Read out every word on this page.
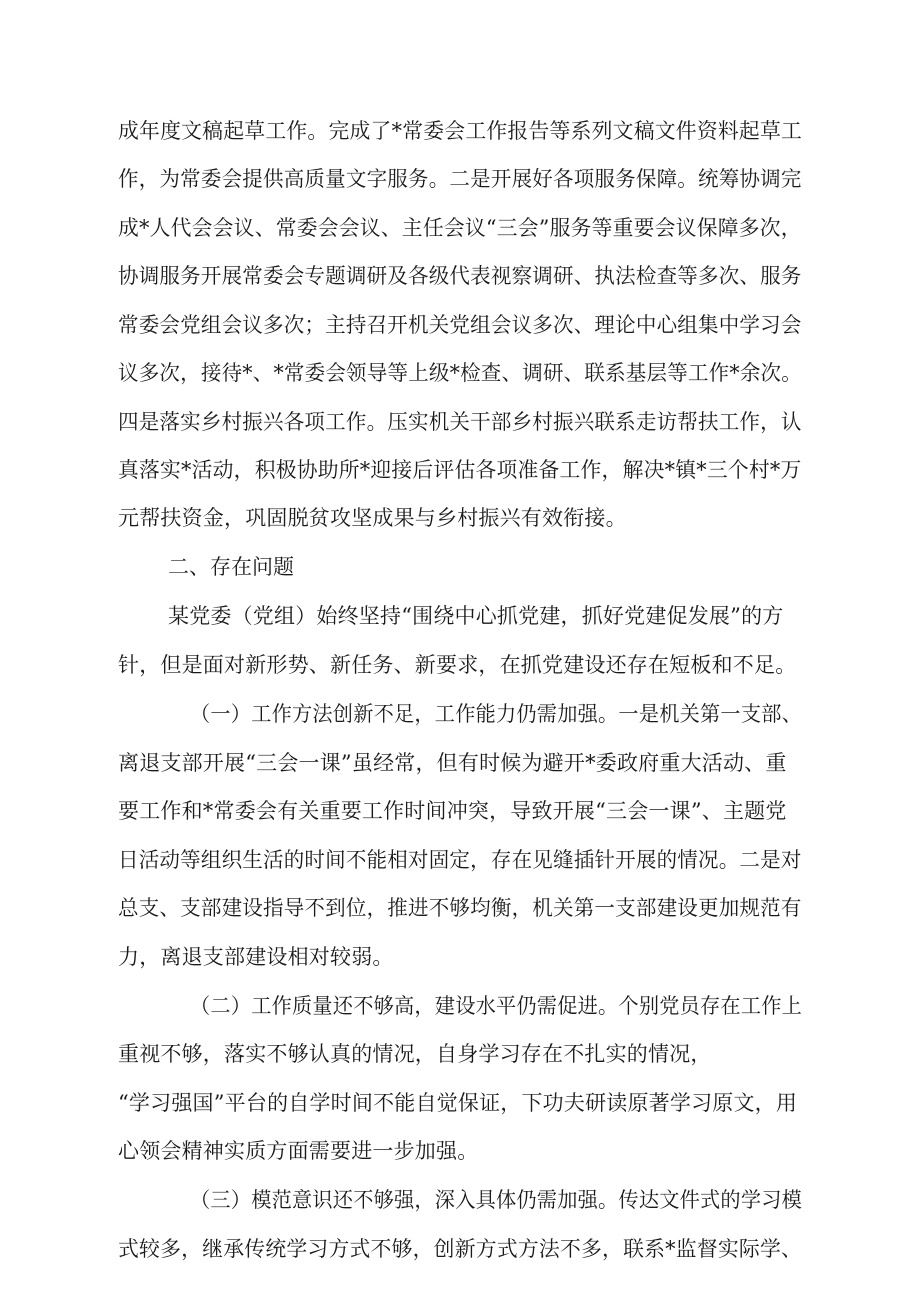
成年度文稿起草工作。完成了*常委会工作报告等系列文稿文件资料起草工
作，为常委会提供高质量文字服务。二是开展好各项服务保障。统筹协调完
成*人代会会议、常委会会议、主任会议“三会”服务等重要会议保障多次，
协调服务开展常委会专题调研及各级代表视察调研、执法检查等多次、服务
常委会党组会议多次；主持召开机关党组会议多次、理论中心组集中学习会
议多次，接待*、*常委会领导等上级*检查、调研、联系基层等工作*余次。
四是落实乡村振兴各项工作。压实机关干部乡村振兴联系走访帮扶工作，认
真落实*活动，积极协助所*迎接后评估各项准备工作，解决*镇*三个村*万
元帮扶资金，巩固脱贫攻坚成果与乡村振兴有效衔接。
二、存在问题
某党委（党组）始终坚持“围绕中心抓党建，抓好党建促发展”的方
针，但是面对新形势、新任务、新要求，在抓党建设还存在短板和不足。
（一）工作方法创新不足，工作能力仍需加强。一是机关第一支部、
离退支部开展“三会一课”虽经常，但有时候为避开*委政府重大活动、重
要工作和*常委会有关重要工作时间冲突，导致开展“三会一课”、主题党
日活动等组织生活的时间不能相对固定，存在见缝插针开展的情况。二是对
总支、支部建设指导不到位，推进不够均衡，机关第一支部建设更加规范有
力，离退支部建设相对较弱。
（二）工作质量还不够高，建设水平仍需促进。个别党员存在工作上
重视不够，落实不够认真的情况，自身学习存在不扎实的情况，
“学习强国”平台的自学时间不能自觉保证，下功夫研读原著学习原文，用
心领会精神实质方面需要进一步加强。
（三）模范意识还不够强，深入具体仍需加强。传达文件式的学习模
式较多，继承传统学习方式不够，创新方式方法不多，联系*监督实际学、
